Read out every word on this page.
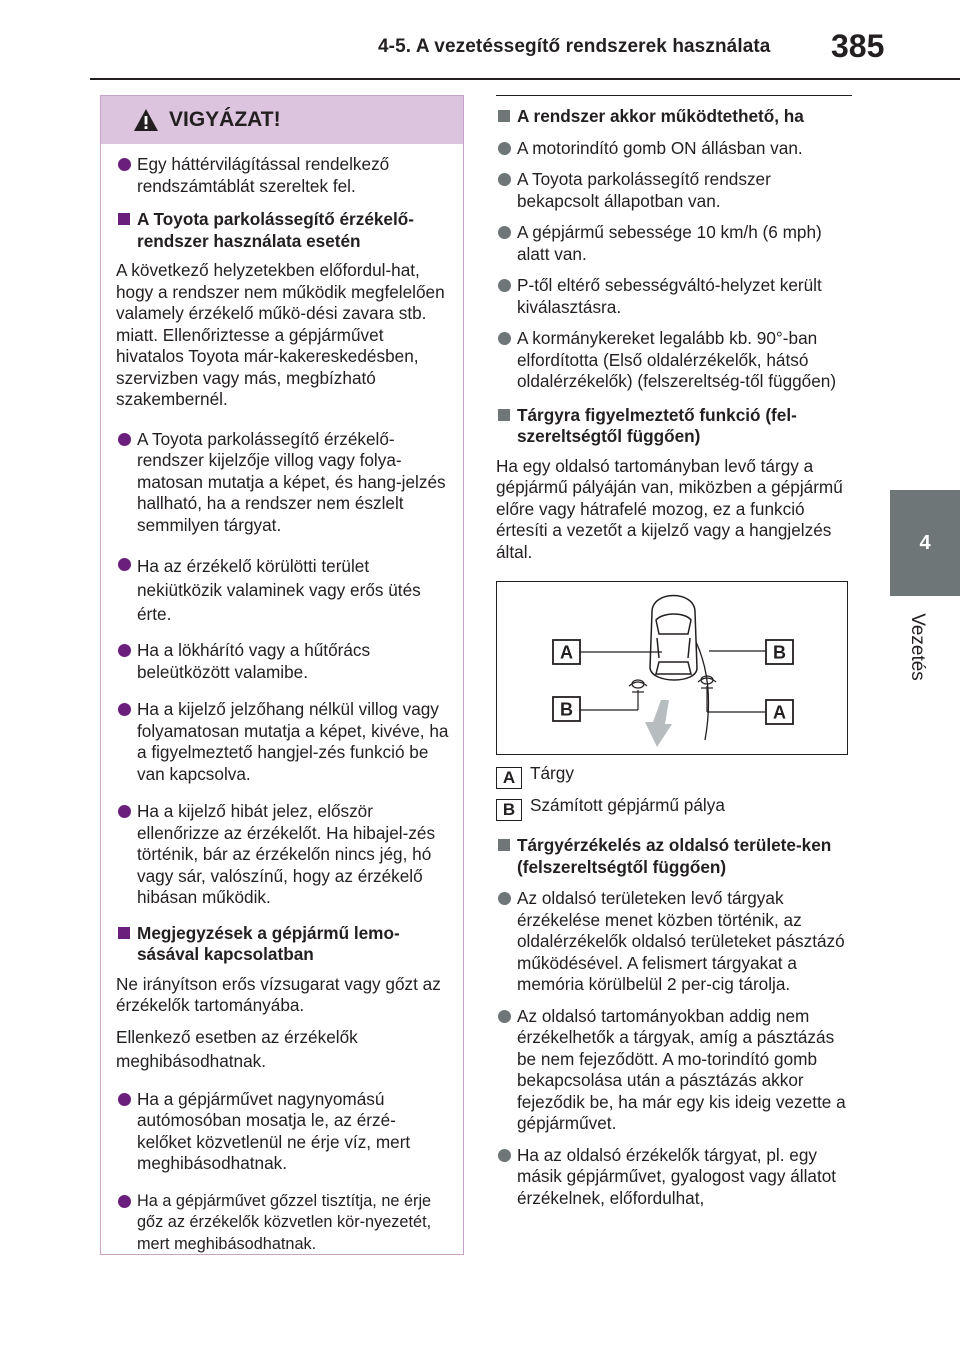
4-5. A vezetéssegítő rendszerek használata 385
4
Vezetés
VIGYÁZAT!

Egy háttérvilágítással rendelkező rendszámtáblát szereltek fel.

A Toyota parkolássegítő érzékelő-rendszer használata esetén

A következő helyzetekben előfordul-hat, hogy a rendszer nem működik megfelelően valamely érzékelő műkö-dési zavara stb. miatt. Ellenőriztesse a gépjárművet hivatalos Toyota már-kakereskedésben, szervizben vagy más, megbízható szakembernél.

A Toyota parkolássegítő érzékelő-rendszer kijelzője villog vagy folya-matosan mutatja a képet, és hang-jelzés hallható, ha a rendszer nem észlelt semmilyen tárgyat.

Ha az érzékelő körülötti terület nekiütközik valaminek vagy erős ütés érte.

Ha a lökhárító vagy a hűtőrács beleütközött valamibe.

Ha a kijelző jelzőhang nélkül villog vagy folyamatosan mutatja a képet, kivéve, ha a figyelmeztető hangjel-zés funkció be van kapcsolva.

Ha a kijelző hibát jelez, először ellenőrizze az érzékelőt. Ha hibajel-zés történik, bár az érzékelőn nincs jég, hó vagy sár, valószínű, hogy az érzékelő hibásan működik.

Megjegyzések a gépjármű lemo-sásával kapcsolatban

Ne irányítson erős vízsugarat vagy gőzt az érzékelők tartományába.

Ellenkező esetben az érzékelők meghibásodhatnak.

Ha a gépjárművet nagynyomású autómosóban mosatja le, az érzé-kelőket közvetlenül ne érje víz, mert meghibásodhatnak.

Ha a gépjárművet gőzzel tisztítja, ne érje gőz az érzékelők közvetlen kör-nyezetét, mert meghibásodhatnak.

A rendszer akkor működtethető, ha

A motorindító gomb ON állásban van.

A Toyota parkolássegítő rendszer bekapcsolt állapotban van.

A gépjármű sebessége 10 km/h (6 mph) alatt van.

P-től eltérő sebességváltó-helyzet került kiválasztásra.

A kormánykereket legalább kb. 90°-ban elfordította (Első oldalérzékelők, hátsó oldalérzékelők) (felszereltség-től függően)

Tárgyra figyelmeztető funkció (fel-szereltségtől függően)

Ha egy oldalsó tartományban levő tárgy a gépjármű pályáján van, miközben a gépjármű előre vagy hátrafelé mozog, ez a funkció értesíti a vezetőt a kijelző vagy a hangjelzés által.

A
B
B
A
A Tárgy

B Számított gépjármű pálya

Tárgyérzékelés az oldalsó területe-ken (felszereltségtől függően)

Az oldalsó területeken levő tárgyak érzékelése menet közben történik, az oldalérzékelők oldalsó területeket pásztázó működésével. A felismert tárgyakat a memória körülbelül 2 per-cig tárolja.

Az oldalsó tartományokban addig nem érzékelhetők a tárgyak, amíg a pásztázás be nem fejeződött. A mo-torindító gomb bekapcsolása után a pásztázás akkor fejeződik be, ha már egy kis ideig vezette a gépjárművet.

Ha az oldalsó érzékelők tárgyat, pl. egy másik gépjárművet, gyalogost vagy állatot érzékelnek, előfordulhat,
